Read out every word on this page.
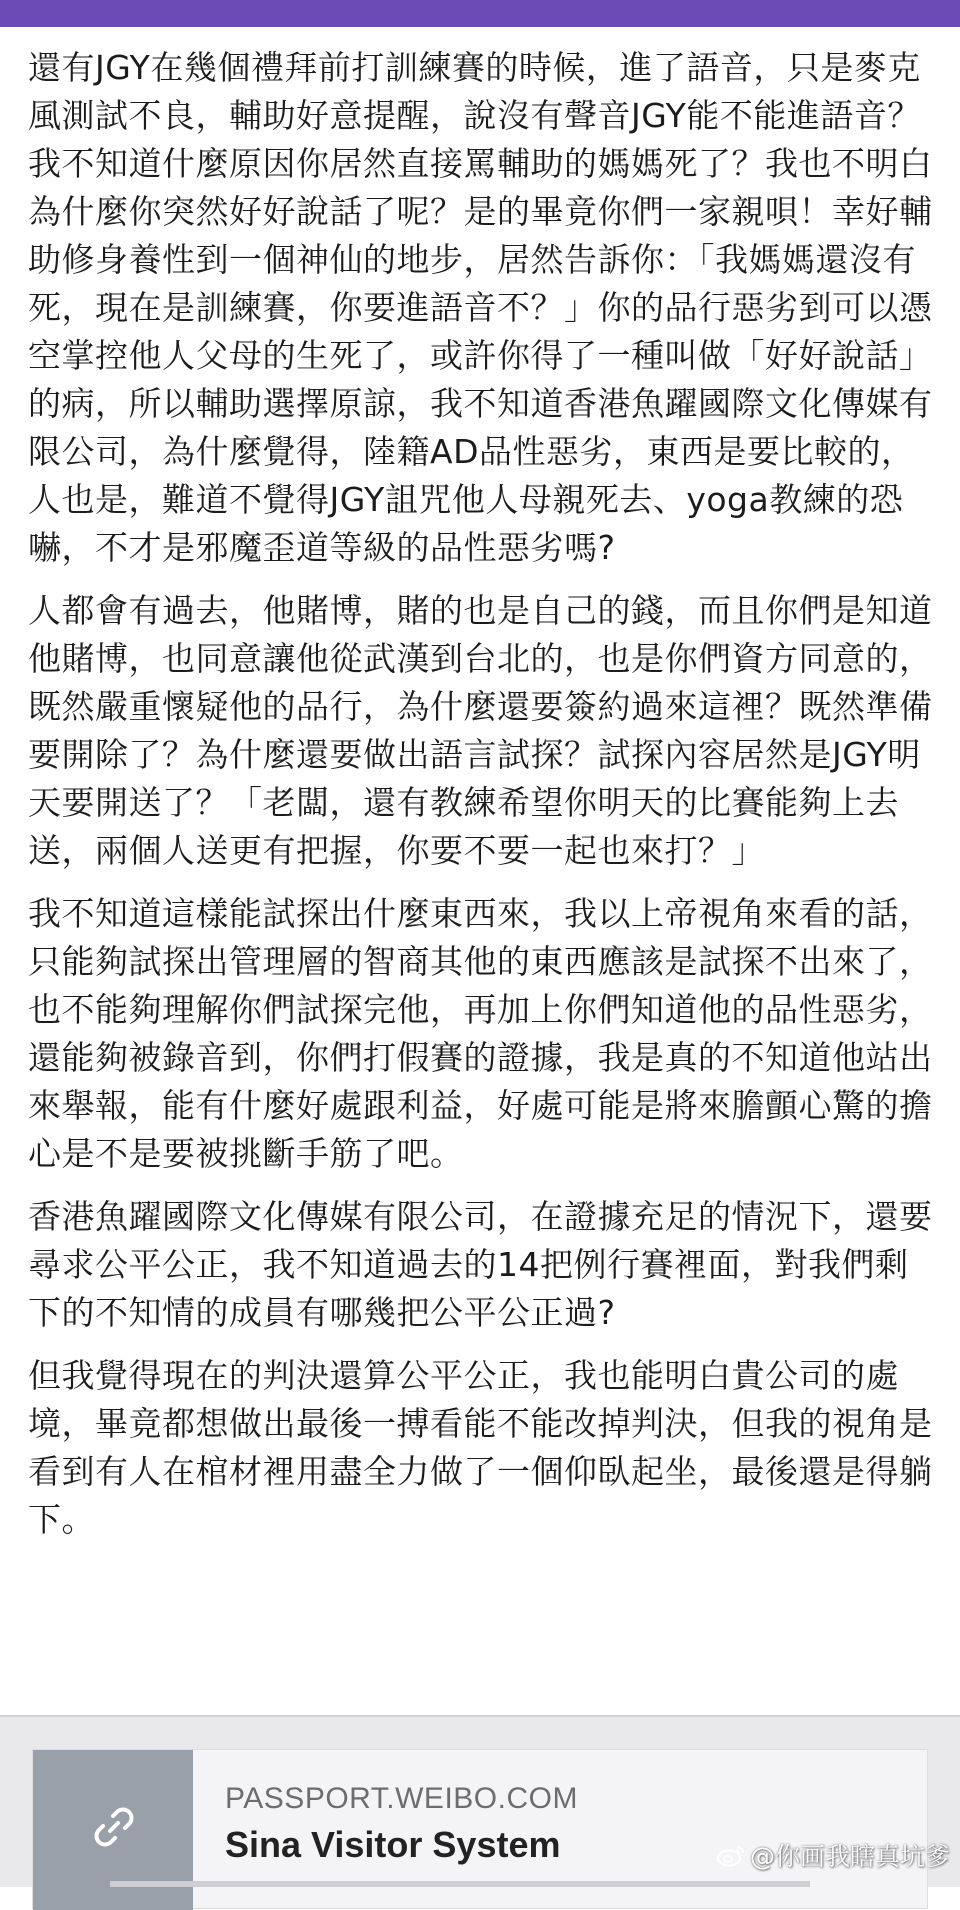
還有JGY在幾個禮拜前打訓練賽的時候，進了語音，只是麥克風測試不良，輔助好意提醒，說沒有聲音JGY能不能進語音？我不知道什麼原因你居然直接罵輔助的媽媽死了？我也不明白為什麼你突然好好說話了呢？是的畢竟你們一家親唄！幸好輔助修身養性到一個神仙的地步，居然告訴你：「我媽媽還沒有死，現在是訓練賽，你要進語音不？」你的品行惡劣到可以憑空掌控他人父母的生死了，或許你得了一種叫做「好好說話」的病，所以輔助選擇原諒，我不知道香港魚躍國際文化傳媒有限公司，為什麼覺得，陸籍AD品性惡劣，東西是要比較的，人也是，難道不覺得JGY詛咒他人母親死去、yoga教練的恐嚇，不才是邪魔歪道等級的品性惡劣嗎?

人都會有過去，他賭博，賭的也是自己的錢，而且你們是知道他賭博，也同意讓他從武漢到台北的，也是你們資方同意的，既然嚴重懷疑他的品行，為什麼還要簽約過來這裡？既然準備要開除了？為什麼還要做出語言試探？試探內容居然是JGY明天要開送了？「老闆，還有教練希望你明天的比賽能夠上去送，兩個人送更有把握，你要不要一起也來打？」

我不知道這樣能試探出什麼東西來，我以上帝視角來看的話，只能夠試探出管理層的智商其他的東西應該是試探不出來了，也不能夠理解你們試探完他，再加上你們知道他的品性惡劣，還能夠被錄音到，你們打假賽的證據，我是真的不知道他站出來舉報，能有什麼好處跟利益，好處可能是將來膽顫心驚的擔心是不是要被挑斷手筋了吧。

香港魚躍國際文化傳媒有限公司，在證據充足的情況下，還要尋求公平公正，我不知道過去的14把例行賽裡面，對我們剩下的不知情的成員有哪幾把公平公正過?

但我覺得現在的判決還算公平公正，我也能明白貴公司的處境，畢竟都想做出最後一搏看能不能改掉判決，但我的視角是看到有人在棺材裡用盡全力做了一個仰臥起坐，最後還是得躺下。

PASSPORT.WEIBO.COM
Sina Visitor System	@你画我瞎真坑爹
